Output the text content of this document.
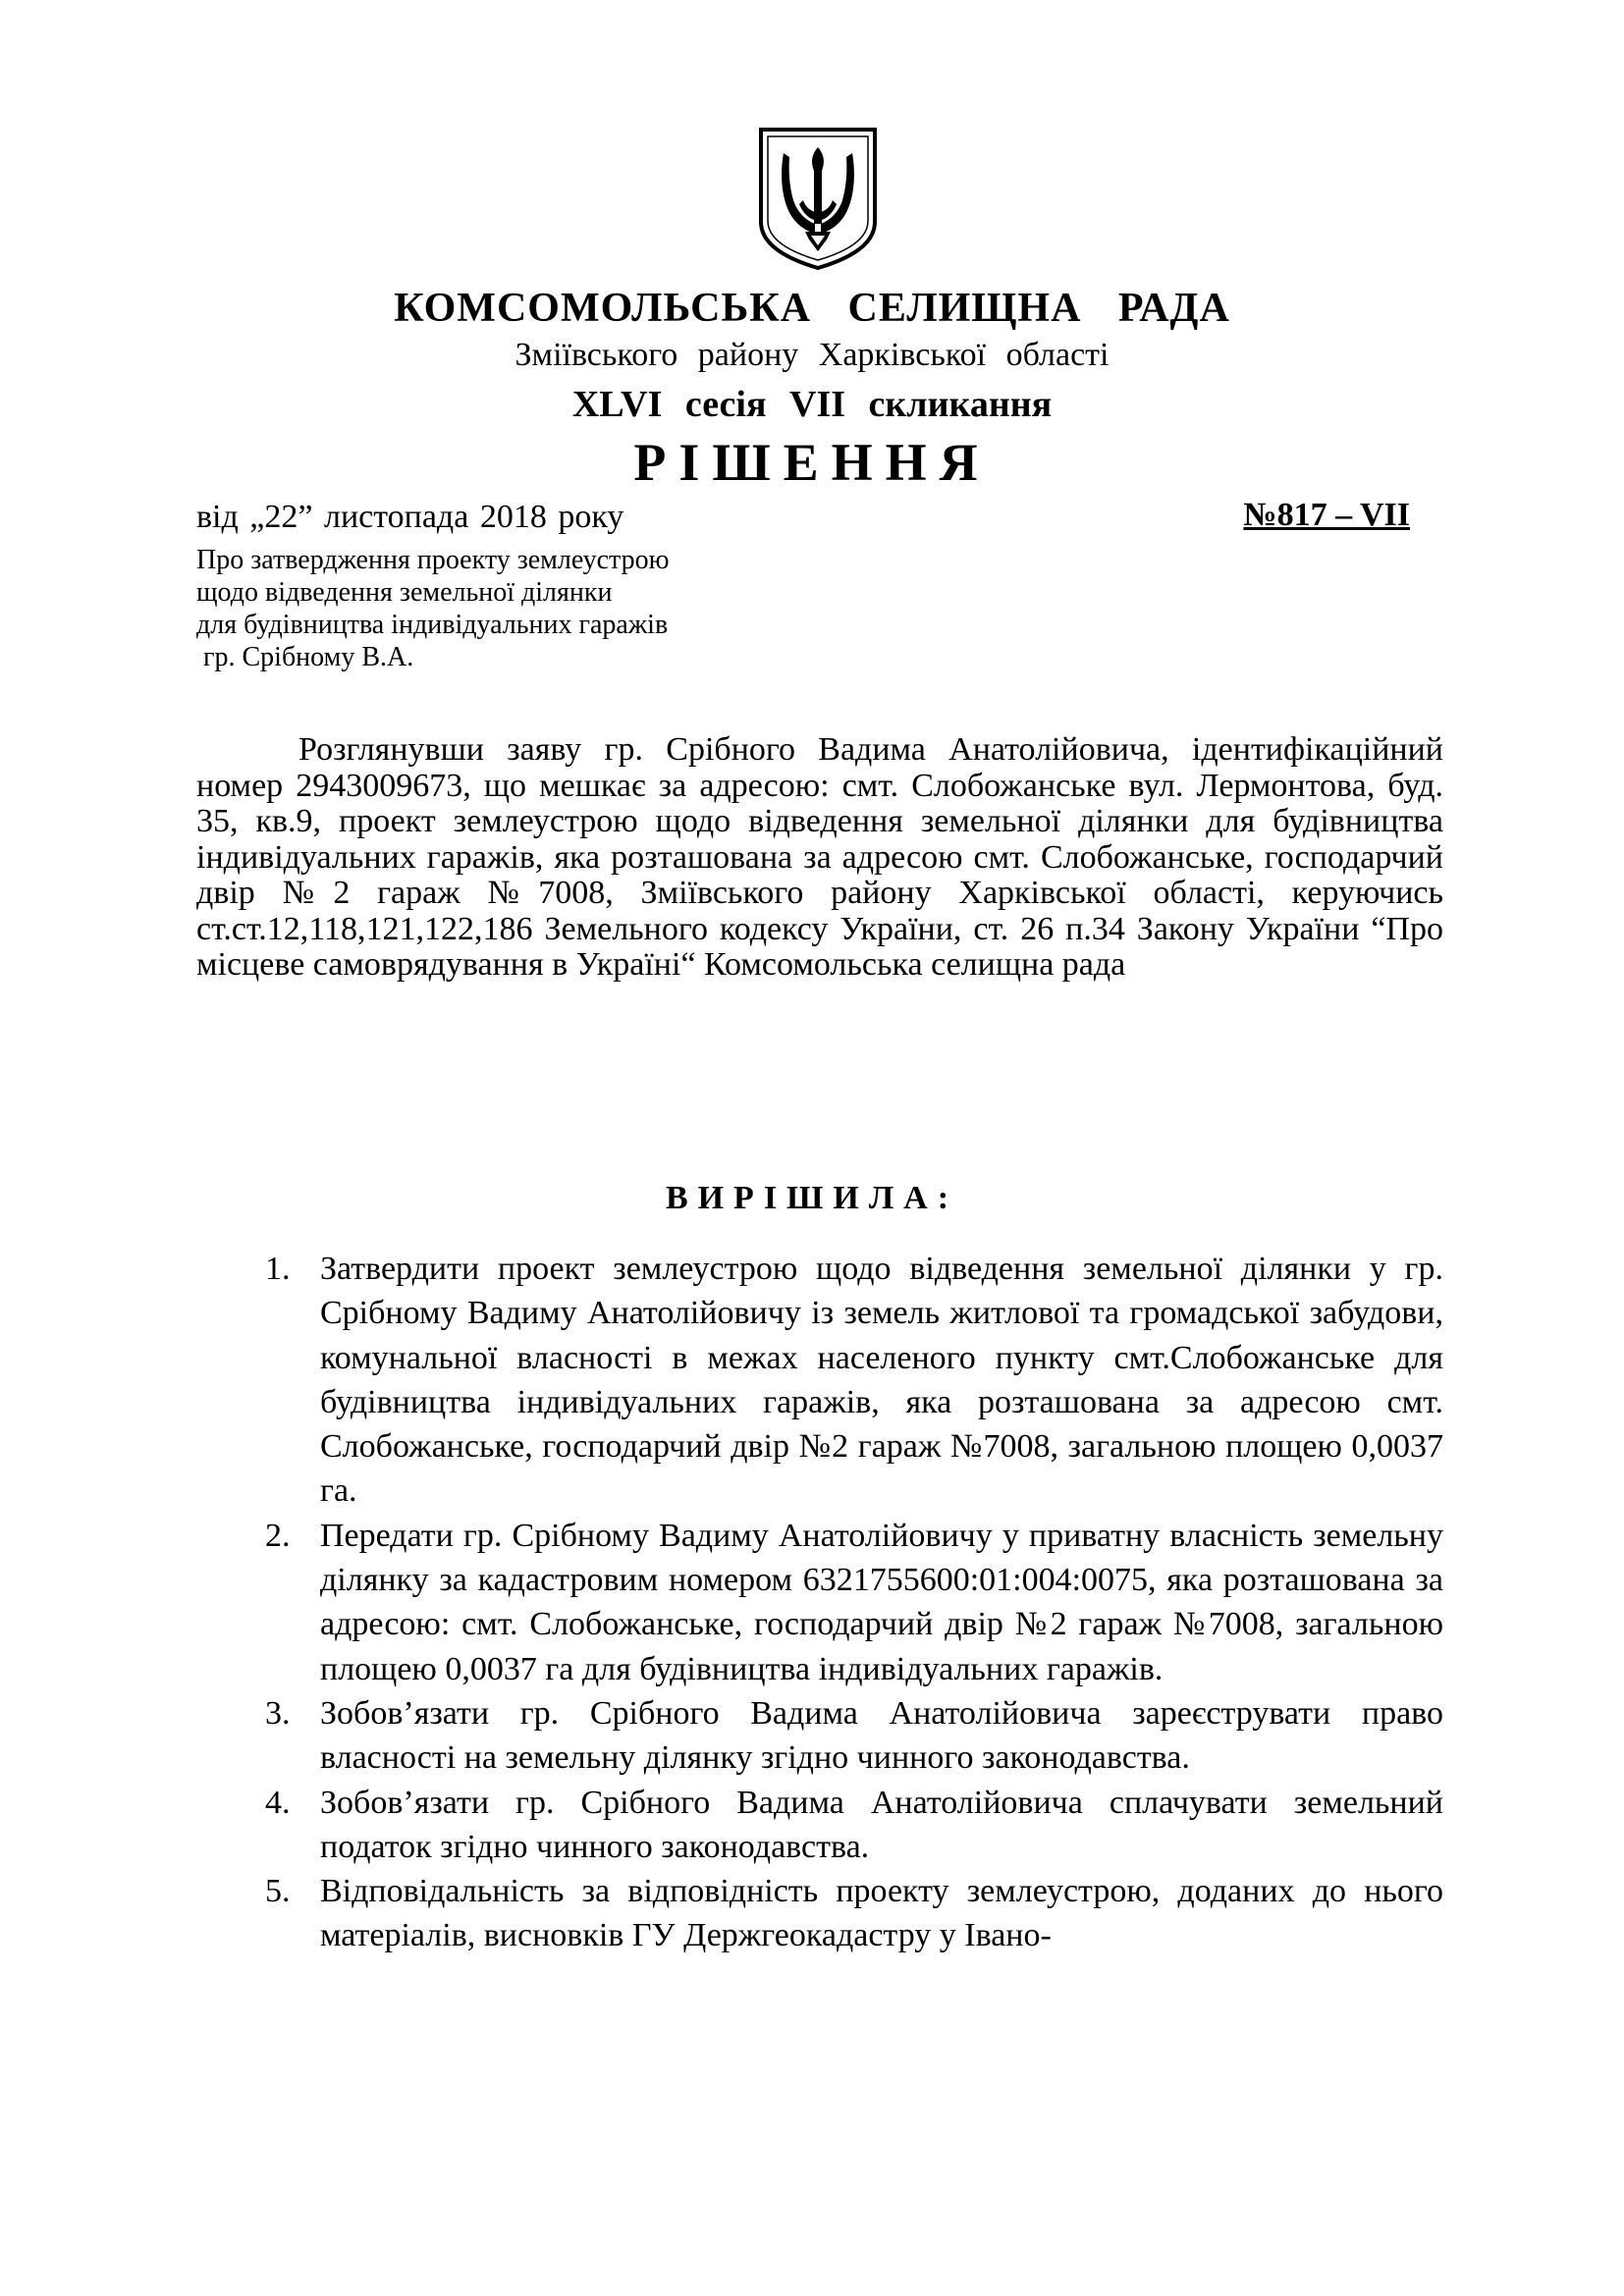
КОМСОМОЛЬСЬКА СЕЛИЩНА РАДА
Зміївського району Харківської області
XLVI сесія VII скликання
РІШЕННЯ
від „22” листопада 2018 року	№817 – VII
Про затвердження проекту землеустрою
щодо відведення земельної ділянки
для будівництва індивідуальних гаражів
гр. Срібному В.А.
Розглянувши заяву гр. Срібного Вадима Анатолійовича, ідентифікаційний номер 2943009673, що мешкає за адресою: смт. Слобожанське вул. Лермонтова, буд. 35, кв.9, проект землеустрою щодо відведення земельної ділянки для будівництва індивідуальних гаражів, яка розташована за адресою смт. Слобожанське, господарчий двір №2 гараж №7008, Зміївського району Харківської області, керуючись ст.ст.12,118,121,122,186 Земельного кодексу України, ст. 26 п.34 Закону України “Про місцеве самоврядування в Україні“ Комсомольська селищна рада
ВИРІШИЛА:
1. Затвердити проект землеустрою щодо відведення земельної ділянки у гр. Срібному Вадиму Анатолійовичу із земель житлової та громадської забудови, комунальної власності в межах населеного пункту смт.Слобожанське для будівництва індивідуальних гаражів, яка розташована за адресою смт. Слобожанське, господарчий двір №2 гараж №7008, загальною площею 0,0037 га.
2. Передати гр. Срібному Вадиму Анатолійовичу у приватну власність земельну ділянку за кадастровим номером 6321755600:01:004:0075, яка розташована за адресою: смт. Слобожанське, господарчий двір №2 гараж №7008, загальною площею 0,0037 га для будівництва індивідуальних гаражів.
3. Зобов’язати гр. Срібного Вадима Анатолійовича зареєструвати право власності на земельну ділянку згідно чинного законодавства.
4. Зобов’язати гр. Срібного Вадима Анатолійовича сплачувати земельний податок згідно чинного законодавства.
5. Відповідальність за відповідність проекту землеустрою, доданих до нього матеріалів, висновків ГУ Держгеокадастру у Івано-
